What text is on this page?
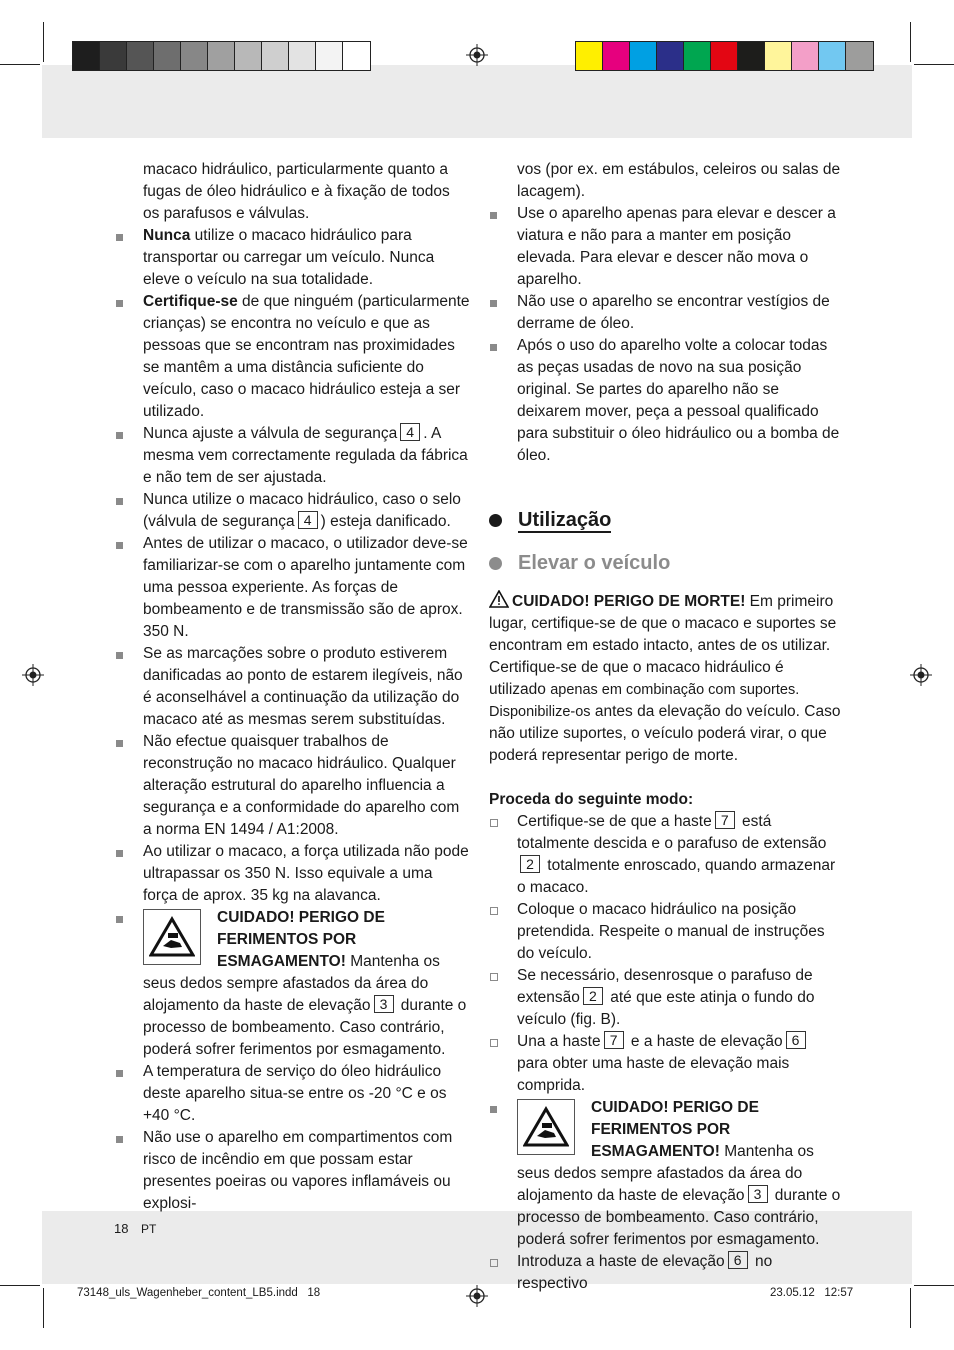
macaco hidráulico, particularmente quanto a fugas de óleo hidráulico e à fixação de todos os parafusos e válvulas.
Nunca utilize o macaco hidráulico para transportar ou carregar um veículo. Nunca eleve o veículo na sua totalidade.
Certifique-se de que ninguém (particularmente crianças) se encontra no veículo e que as pessoas que se encontram nas proximidades se mantêm a uma distância suficiente do veículo, caso o macaco hidráulico esteja a ser utilizado.
Nunca ajuste a válvula de segurança 4 . A mesma vem correctamente regulada da fábrica e não tem de ser ajustada.
Nunca utilize o macaco hidráulico, caso o selo (válvula de segurança 4 ) esteja danificado.
Antes de utilizar o macaco, o utilizador deve-se familiarizar-se com o aparelho juntamente com uma pessoa experiente. As forças de bombeamento e de transmissão são de aprox. 350 N.
Se as marcações sobre o produto estiverem danificadas ao ponto de estarem ilegíveis, não é aconselhável a continuação da utilização do macaco até as mesmas serem substituídas.
Não efectue quaisquer trabalhos de reconstrução no macaco hidráulico. Qualquer alteração estrutural do aparelho influencia a segurança e a conformidade do aparelho com a norma EN 1494 / A1:2008.
Ao utilizar o macaco, a força utilizada não pode ultrapassar os 350 N. Isso equivale a uma força de aprox. 35 kg na alavanca.
CUIDADO! PERIGO DE FERIMENTOS POR ESMAGAMENTO! Mantenha os seus dedos sempre afastados da área do alojamento da haste de elevação 3 durante o processo de bombeamento. Caso contrário, poderá sofrer ferimentos por esmagamento.
A temperatura de serviço do óleo hidráulico deste aparelho situa-se entre os -20 °C e os +40 °C.
Não use o aparelho em compartimentos com risco de incêndio em que possam estar presentes poeiras ou vapores inflamáveis ou explosi-
vos (por ex. em estábulos, celeiros ou salas de lacagem).
Use o aparelho apenas para elevar e descer a viatura e não para a manter em posição elevada. Para elevar e descer não mova o aparelho.
Não use o aparelho se encontrar vestígios de derrame de óleo.
Após o uso do aparelho volte a colocar todas as peças usadas de novo na sua posição original. Se partes do aparelho não se deixarem mover, peça a pessoal qualificado para substituir o óleo hidráulico ou a bomba de óleo.
Utilização
Elevar o veículo
CUIDADO! PERIGO DE MORTE! Em primeiro lugar, certifique-se de que o macaco e suportes se encontram em estado intacto, antes de os utilizar. Certifique-se de que o macaco hidráulico é utilizado apenas em combinação com suportes. Disponibilize-os antes da elevação do veículo. Caso não utilize suportes, o veículo poderá virar, o que poderá representar perigo de morte.
Proceda do seguinte modo:
Certifique-se de que a haste 7 está totalmente descida e o parafuso de extensão2 totalmente enroscado, quando armazenar o macaco.
Coloque o macaco hidráulico na posição pretendida. Respeite o manual de instruções do veículo.
Se necessário, desenrosque o parafuso de extensão 2 até que este atinja o fundo do veículo (fig. B).
Una a haste 7 e a haste de elevação 6 para obter uma haste de elevação mais comprida.
CUIDADO! PERIGO DE FERIMENTOS POR ESMAGAMENTO! Mantenha os seus dedos sempre afastados da área do alojamento da haste de elevação 3 durante o processo de bombeamento. Caso contrário, poderá sofrer ferimentos por esmagamento.
Introduza a haste de elevação 6 no respectivo
18 PT
73148_uls_Wagenheber_content_LB5.indd   18	23.05.12   12:57
